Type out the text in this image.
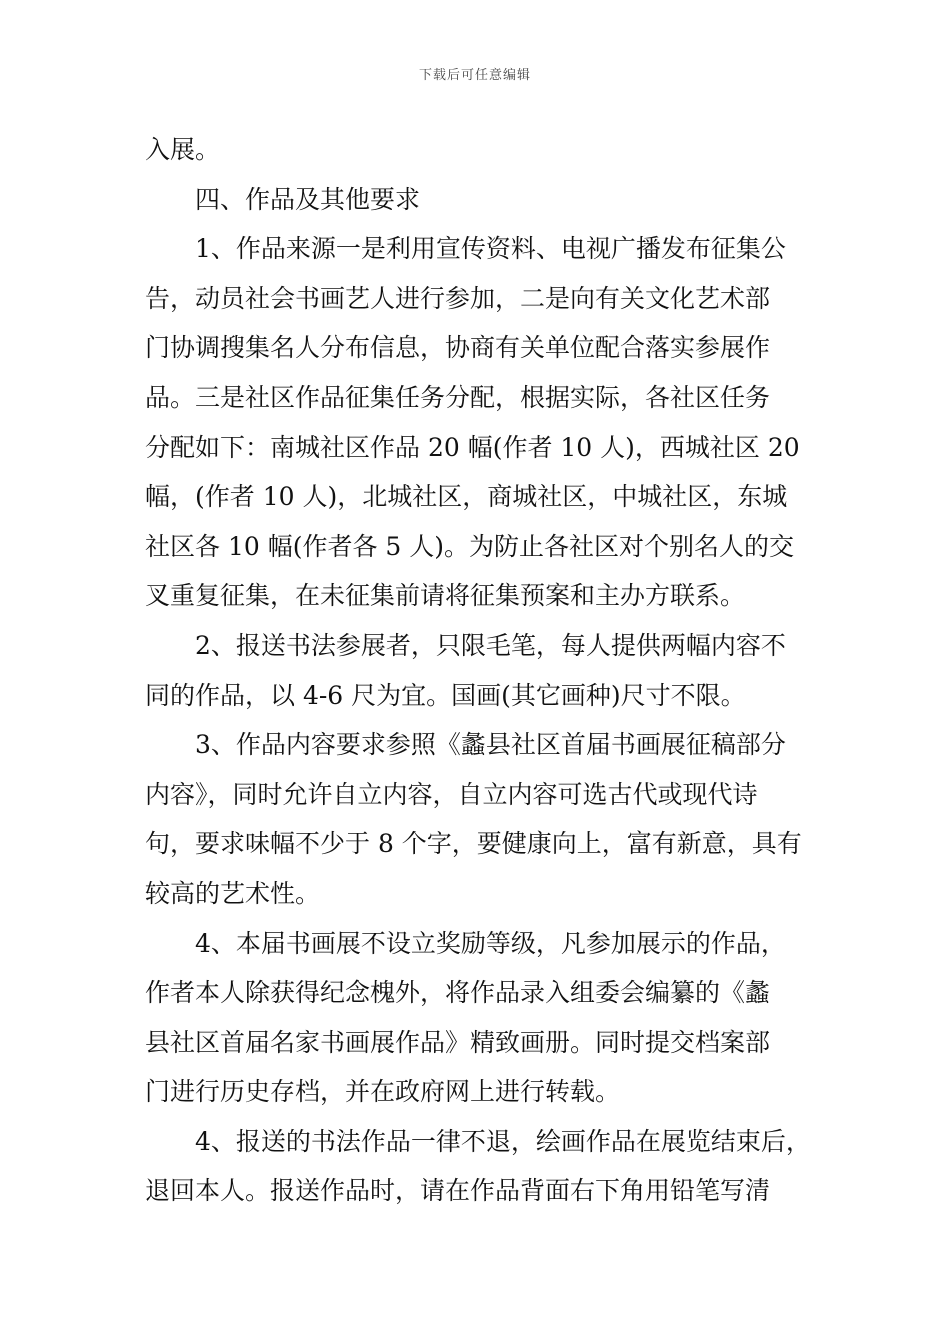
下载后可任意编辑
入展。
四、作品及其他要求
1、作品来源一是利用宣传资料、电视广播发布征集公
告，动员社会书画艺人进行参加，二是向有关文化艺术部
门协调搜集名人分布信息，协商有关单位配合落实参展作
品。三是社区作品征集任务分配，根据实际，各社区任务
分配如下：南城社区作品 20 幅(作者 10 人)，西城社区 20
幅，(作者 10 人)，北城社区，商城社区，中城社区，东城
社区各 10 幅(作者各 5 人)。为防止各社区对个别名人的交
叉重复征集，在未征集前请将征集预案和主办方联系。
2、报送书法参展者，只限毛笔，每人提供两幅内容不
同的作品，以 4-6 尺为宜。国画(其它画种)尺寸不限。
3、作品内容要求参照《蠡县社区首届书画展征稿部分
内容》，同时允许自立内容，自立内容可选古代或现代诗
句，要求味幅不少于 8 个字，要健康向上，富有新意，具有
较高的艺术性。
4、本届书画展不设立奖励等级，凡参加展示的作品，
作者本人除获得纪念槐外，将作品录入组委会编纂的《蠡
县社区首届名家书画展作品》精致画册。同时提交档案部
门进行历史存档，并在政府网上进行转载。
4、报送的书法作品一律不退，绘画作品在展览结束后，
退回本人。报送作品时，请在作品背面右下角用铅笔写清
